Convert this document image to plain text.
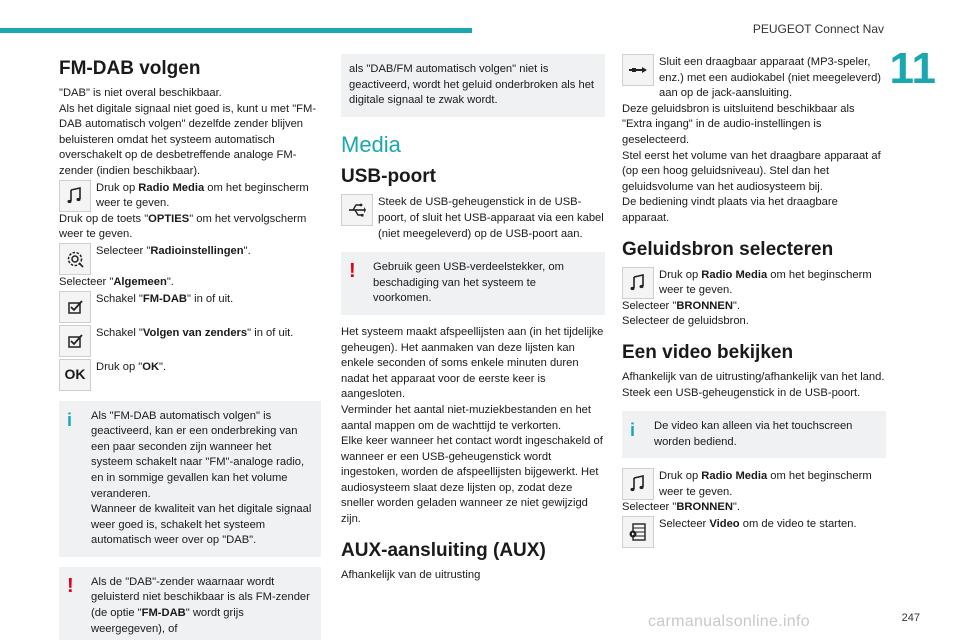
PEUGEOT Connect Nav
11
FM-DAB volgen

"DAB" is niet overal beschikbaar.
Als het digitale signaal niet goed is, kunt u met "FM-DAB automatisch volgen" dezelfde zender blijven beluisteren omdat het systeem automatisch overschakelt op de desbetreffende analoge FM-zender (indien beschikbaar).

Druk op Radio Media om het beginscherm weer te geven.

Druk op de toets "OPTIES" om het vervolgscherm weer te geven.

Selecteer "Radioinstellingen".

Selecteer "Algemeen".

Schakel "FM-DAB" in of uit.
Schakel "Volgen van zenders" in of uit.
OK Druk op "OK".
i	Als "FM-DAB automatisch volgen" is geactiveerd, kan er een onderbreking van een paar seconden zijn wanneer het systeem schakelt naar "FM"-analoge radio, en in sommige gevallen kan het volume veranderen.
Wanneer de kwaliteit van het digitale signaal weer goed is, schakelt het systeem automatisch weer over op "DAB".
!	Als de "DAB"-zender waarnaar wordt geluisterd niet beschikbaar is als FM-zender (de optie "FM-DAB" wordt grijs weergegeven), of
als "DAB/FM automatisch volgen" niet is geactiveerd, wordt het geluid onderbroken als het digitale signaal te zwak wordt.
Media
USB-poort
Steek de USB-geheugenstick in de USB-poort, of sluit het USB-apparaat via een kabel (niet meegeleverd) op de USB-poort aan.
!	Gebruik geen USB-verdeelstekker, om beschadiging van het systeem te voorkomen.

Het systeem maakt afspeellijsten aan (in het tijdelijke geheugen). Het aanmaken van deze lijsten kan enkele seconden of soms enkele minuten duren nadat het apparaat voor de eerste keer is aangesloten.
Verminder het aantal niet-muziekbestanden en het aantal mappen om de wachttijd te verkorten.
Elke keer wanneer het contact wordt ingeschakeld of wanneer er een USB-geheugenstick wordt ingestoken, worden de afspeellijsten bijgewerkt. Het audiosysteem slaat deze lijsten op, zodat deze sneller worden geladen wanneer ze niet gewijzigd zijn.

AUX-aansluiting (AUX)

Afhankelijk van de uitrusting

Sluit een draagbaar apparaat (MP3-speler, enz.) met een audiokabel (niet meegeleverd) aan op de jack-aansluiting.

Deze geluidsbron is uitsluitend beschikbaar als "Extra ingang" in de audio-instellingen is geselecteerd.
Stel eerst het volume van het draagbare apparaat af (op een hoog geluidsniveau). Stel dan het geluidsvolume van het audiosysteem bij.
De bediening vindt plaats via het draagbare apparaat.

Geluidsbron selecteren
Druk op Radio Media om het beginscherm weer te geven.

Selecteer "BRONNEN".

Selecteer de geluidsbron.

Een video bekijken

Afhankelijk van de uitrusting/afhankelijk van het land.
Steek een USB-geheugenstick in de USB-poort.

i	De video kan alleen via het touchscreen worden bediend.
Druk op Radio Media om het beginscherm weer te geven.

Selecteer "BRONNEN".

Selecteer Video om de video te starten.
carmanualsonline.info	247
